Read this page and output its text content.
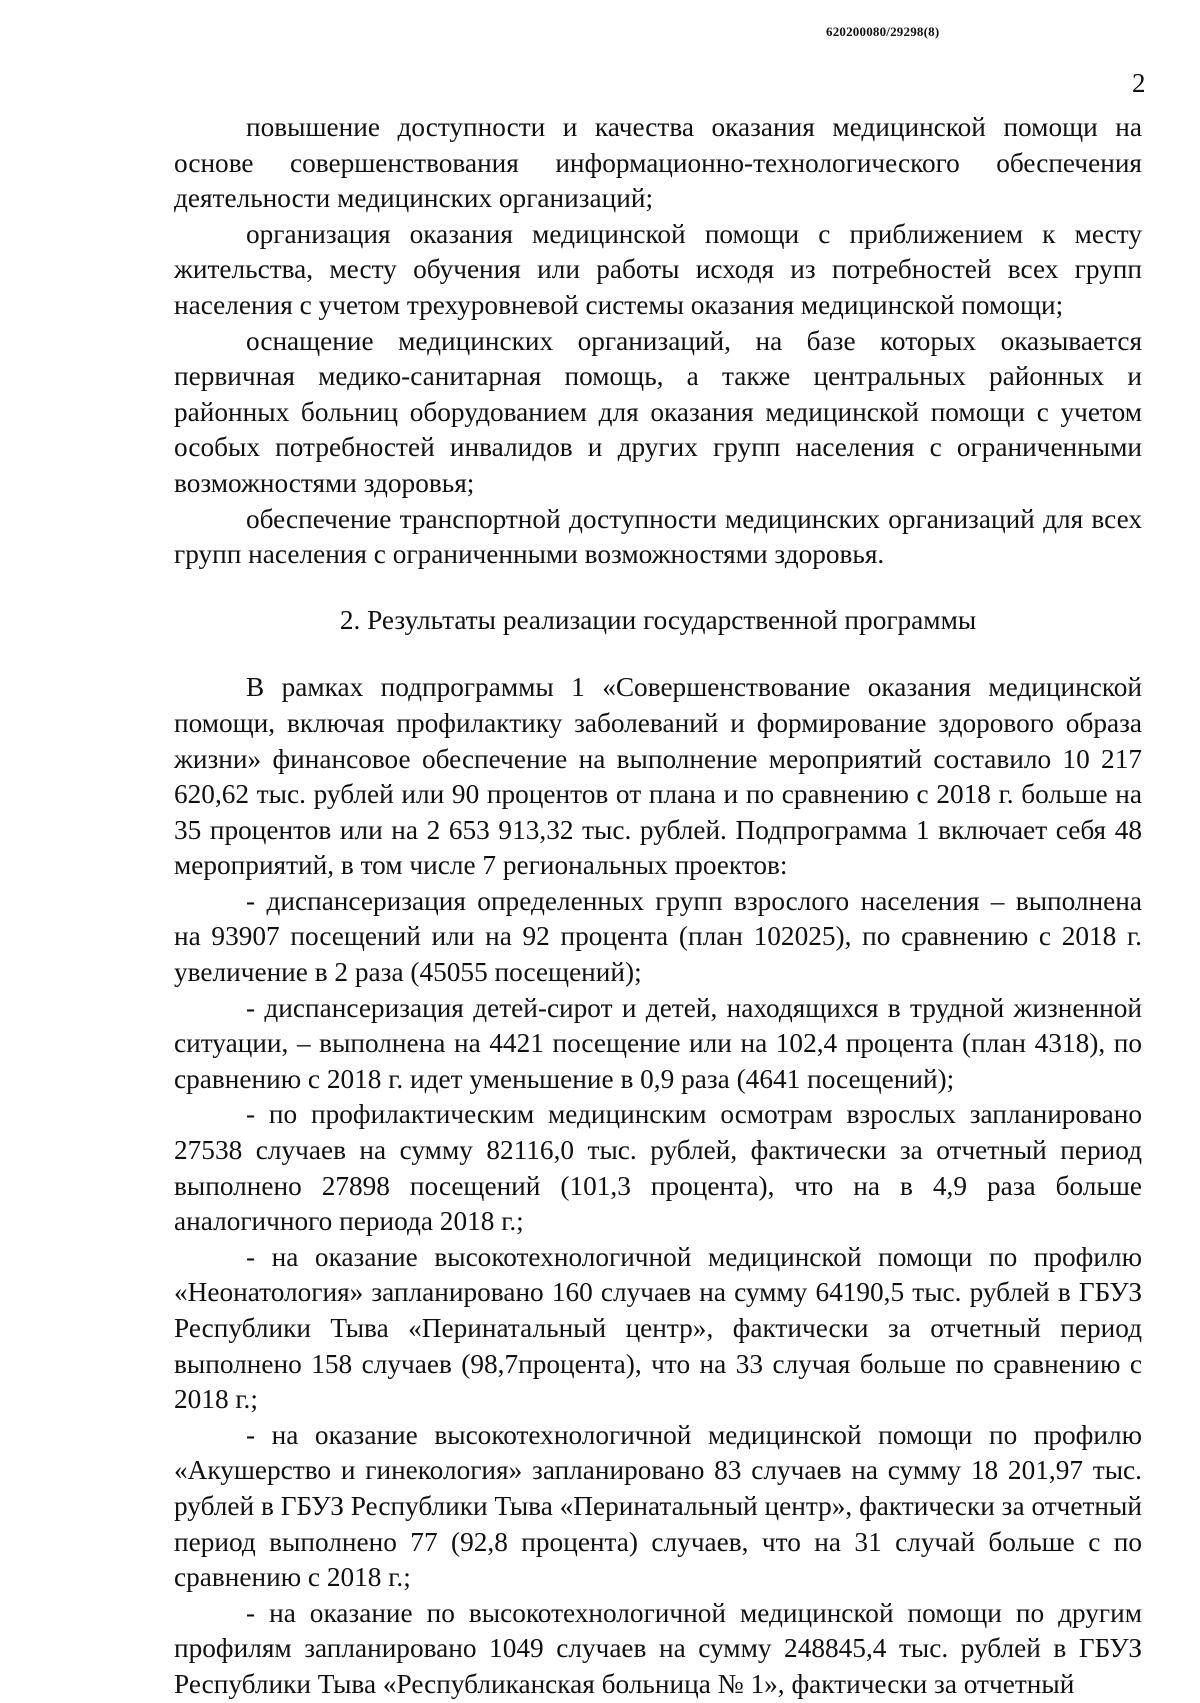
620200080/29298(8)
2

повышение доступности и качества оказания медицинской помощи на основе совершенствования информационно-технологического обеспечения деятельности медицинских организаций;

организация оказания медицинской помощи с приближением к месту жительства, месту обучения или работы исходя из потребностей всех групп населения с учетом трехуровневой системы оказания медицинской помощи;

оснащение медицинских организаций, на базе которых оказывается первичная медико-санитарная помощь, а также центральных районных и районных больниц оборудованием для оказания медицинской помощи с учетом особых потребностей инвалидов и других групп населения с ограниченными возможностями здоровья;

обеспечение транспортной доступности медицинских организаций для всех групп населения с ограниченными возможностями здоровья.

2. Результаты реализации государственной программы

В рамках подпрограммы 1 «Совершенствование оказания медицинской помощи, включая профилактику заболеваний и формирование здорового образа жизни» финансовое обеспечение на выполнение мероприятий составило 10 217 620,62 тыс. рублей или 90 процентов от плана и по сравнению с 2018 г. больше на 35 процентов или на 2 653 913,32 тыс. рублей. Подпрограмма 1 включает себя 48 мероприятий, в том числе 7 региональных проектов:

- диспансеризация определенных групп взрослого населения – выполнена на 93907 посещений или на 92 процента (план 102025), по сравнению с 2018 г. увеличение в 2 раза (45055 посещений);

- диспансеризация детей-сирот и детей, находящихся в трудной жизненной ситуации, – выполнена на 4421 посещение или на 102,4 процента (план 4318), по сравнению с 2018 г. идет уменьшение в 0,9 раза (4641 посещений);

- по профилактическим медицинским осмотрам взрослых запланировано 27538 случаев на сумму 82116,0 тыс. рублей, фактически за отчетный период выполнено 27898 посещений (101,3 процента), что на в 4,9 раза больше аналогичного периода 2018 г.;

- на оказание высокотехнологичной медицинской помощи по профилю «Неонатология» запланировано 160 случаев на сумму 64190,5 тыс. рублей в ГБУЗ Республики Тыва «Перинатальный центр», фактически за отчетный период выполнено 158 случаев (98,7процента), что на 33 случая больше по сравнению с 2018 г.;

- на оказание высокотехнологичной медицинской помощи по профилю «Акушерство и гинекология» запланировано 83 случаев на сумму 18 201,97 тыс. рублей в ГБУЗ Республики Тыва «Перинатальный центр», фактически за отчетный период выполнено 77 (92,8 процента) случаев, что на 31 случай больше с по сравнению с 2018 г.;

- на оказание по высокотехнологичной медицинской помощи по другим профилям запланировано 1049 случаев на сумму 248845,4 тыс. рублей в ГБУЗ Республики Тыва «Республиканская больница № 1», фактически за отчетный
